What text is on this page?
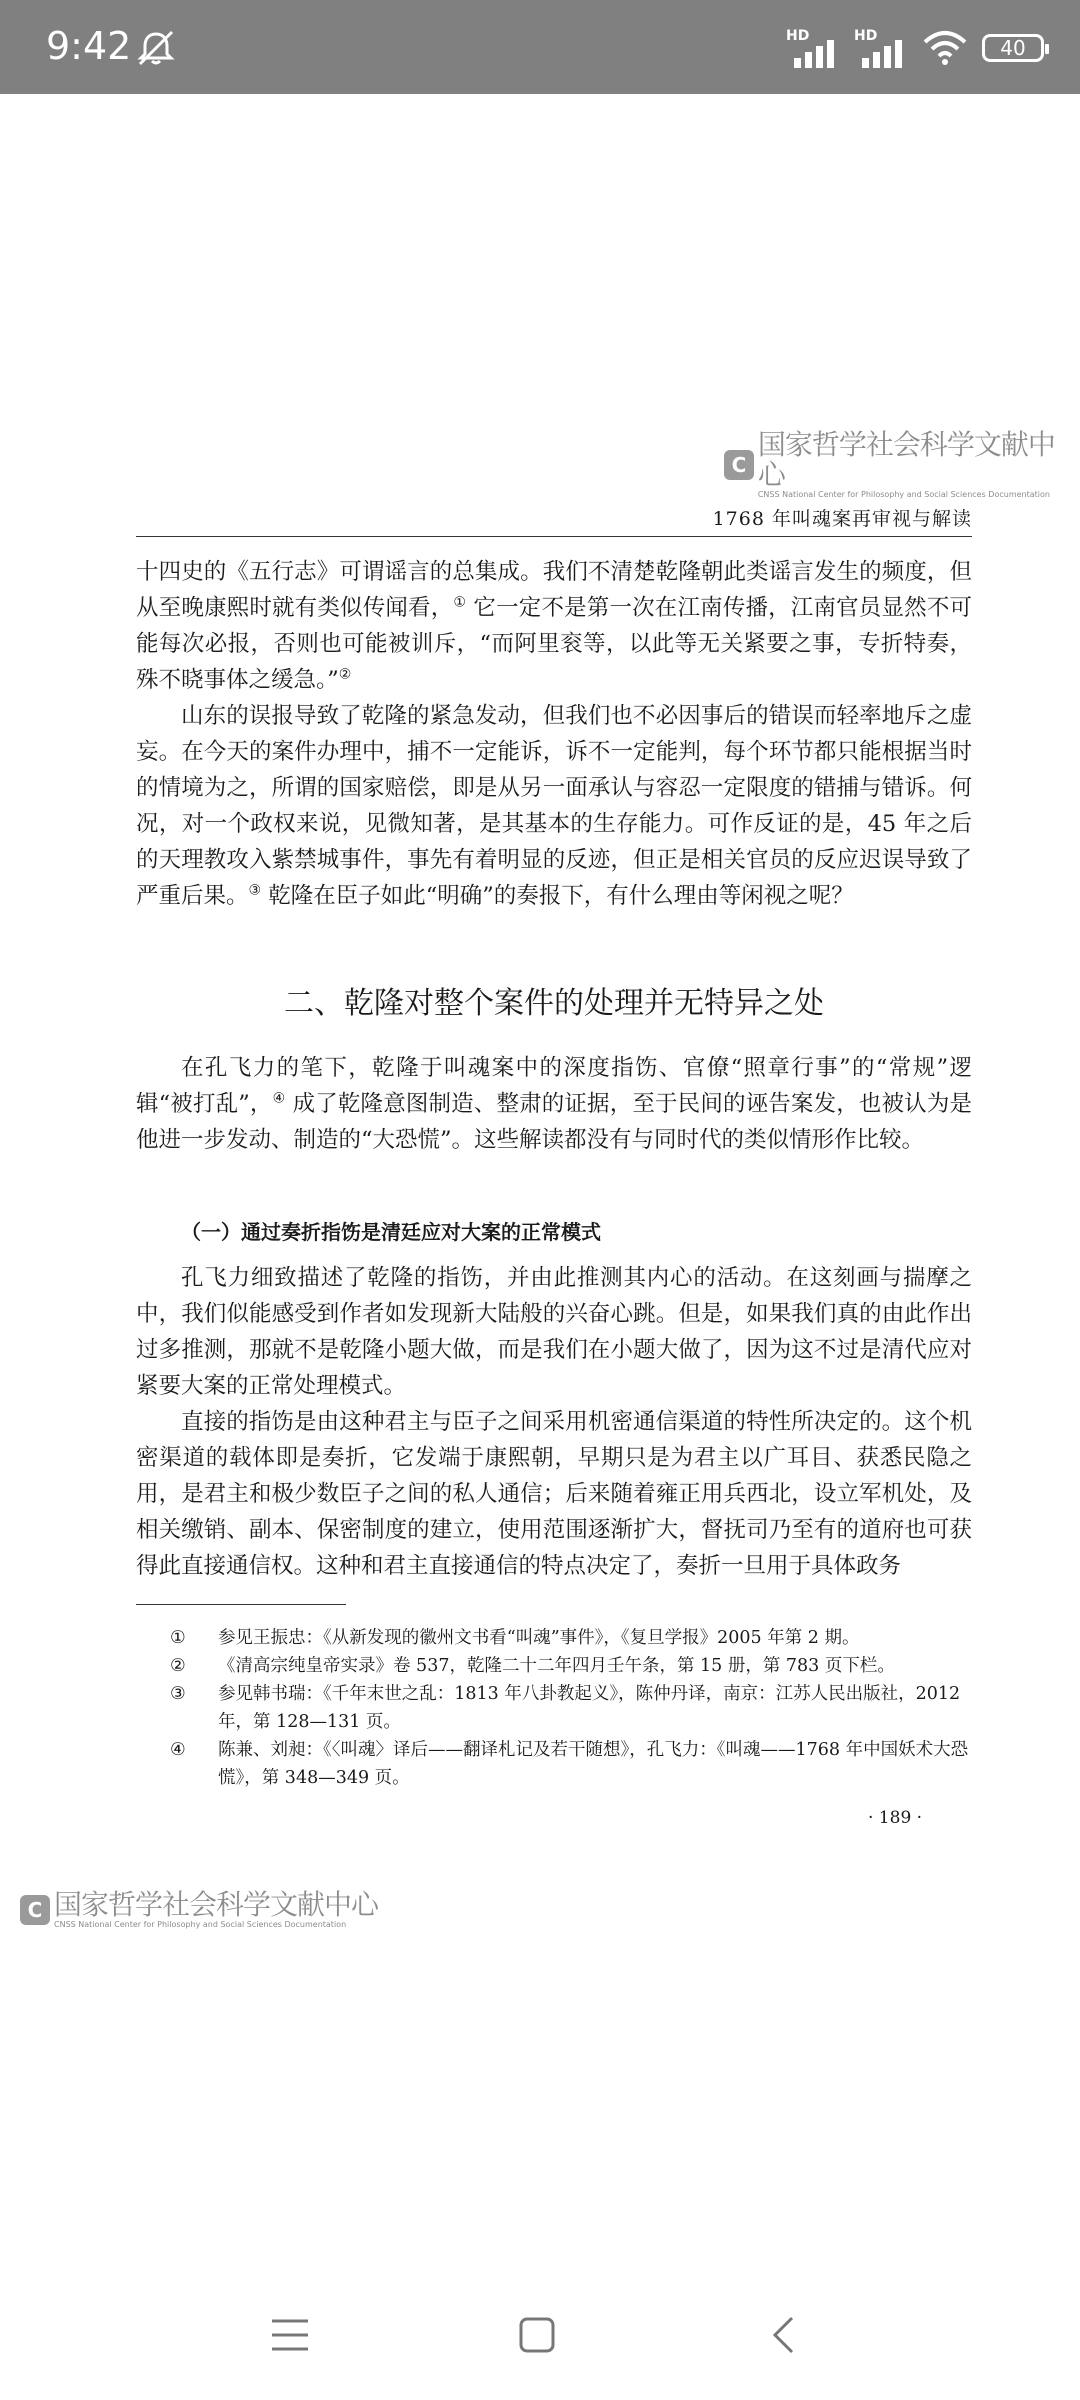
9:42	HD	HD	40
C
国家哲学社会科学文献中心
CNSS National Center for Philosophy and Social Sciences Documentation
1768 年叫魂案再审视与解读

十四史的《五行志》可谓谣言的总集成。我们不清楚乾隆朝此类谣言发生的频度，但从至晚康熙时就有类似传闻看，① 它一定不是第一次在江南传播，江南官员显然不可能每次必报，否则也可能被训斥，“而阿里衮等，以此等无关紧要之事，专折特奏，殊不晓事体之缓急。”②

山东的误报导致了乾隆的紧急发动，但我们也不必因事后的错误而轻率地斥之虚妄。在今天的案件办理中，捕不一定能诉，诉不一定能判，每个环节都只能根据当时的情境为之，所谓的国家赔偿，即是从另一面承认与容忍一定限度的错捕与错诉。何况，对一个政权来说，见微知著，是其基本的生存能力。可作反证的是，45 年之后的天理教攻入紫禁城事件，事先有着明显的反迹，但正是相关官员的反应迟误导致了严重后果。③ 乾隆在臣子如此“明确”的奏报下，有什么理由等闲视之呢？

二、乾隆对整个案件的处理并无特异之处

在孔飞力的笔下，乾隆于叫魂案中的深度指饬、官僚“照章行事”的“常规”逻辑“被打乱”，④ 成了乾隆意图制造、整肃的证据，至于民间的诬告案发，也被认为是他进一步发动、制造的“大恐慌”。这些解读都没有与同时代的类似情形作比较。

（一）通过奏折指饬是清廷应对大案的正常模式

孔飞力细致描述了乾隆的指饬，并由此推测其内心的活动。在这刻画与揣摩之中，我们似能感受到作者如发现新大陆般的兴奋心跳。但是，如果我们真的由此作出过多推测，那就不是乾隆小题大做，而是我们在小题大做了，因为这不过是清代应对紧要大案的正常处理模式。

直接的指饬是由这种君主与臣子之间采用机密通信渠道的特性所决定的。这个机密渠道的载体即是奏折，它发端于康熙朝，早期只是为君主以广耳目、获悉民隐之用，是君主和极少数臣子之间的私人通信；后来随着雍正用兵西北，设立军机处，及相关缴销、副本、保密制度的建立，使用范围逐渐扩大，督抚司乃至有的道府也可获得此直接通信权。这种和君主直接通信的特点决定了，奏折一旦用于具体政务

①	参见王振忠：《从新发现的徽州文书看“叫魂”事件》，《复旦学报》2005 年第 2 期。
②	《清高宗纯皇帝实录》卷 537，乾隆二十二年四月壬午条，第 15 册，第 783 页下栏。
③	参见韩书瑞：《千年末世之乱：1813 年八卦教起义》，陈仲丹译，南京：江苏人民出版社，2012 年，第 128—131 页。
④	陈兼、刘昶：《〈叫魂〉译后——翻译札记及若干随想》，孔飞力：《叫魂——1768 年中国妖术大恐慌》，第 348—349 页。
· 189 ·
C 国家哲学社会科学文献中心
CNSS National Center for Philosophy and Social Sciences Documentation
